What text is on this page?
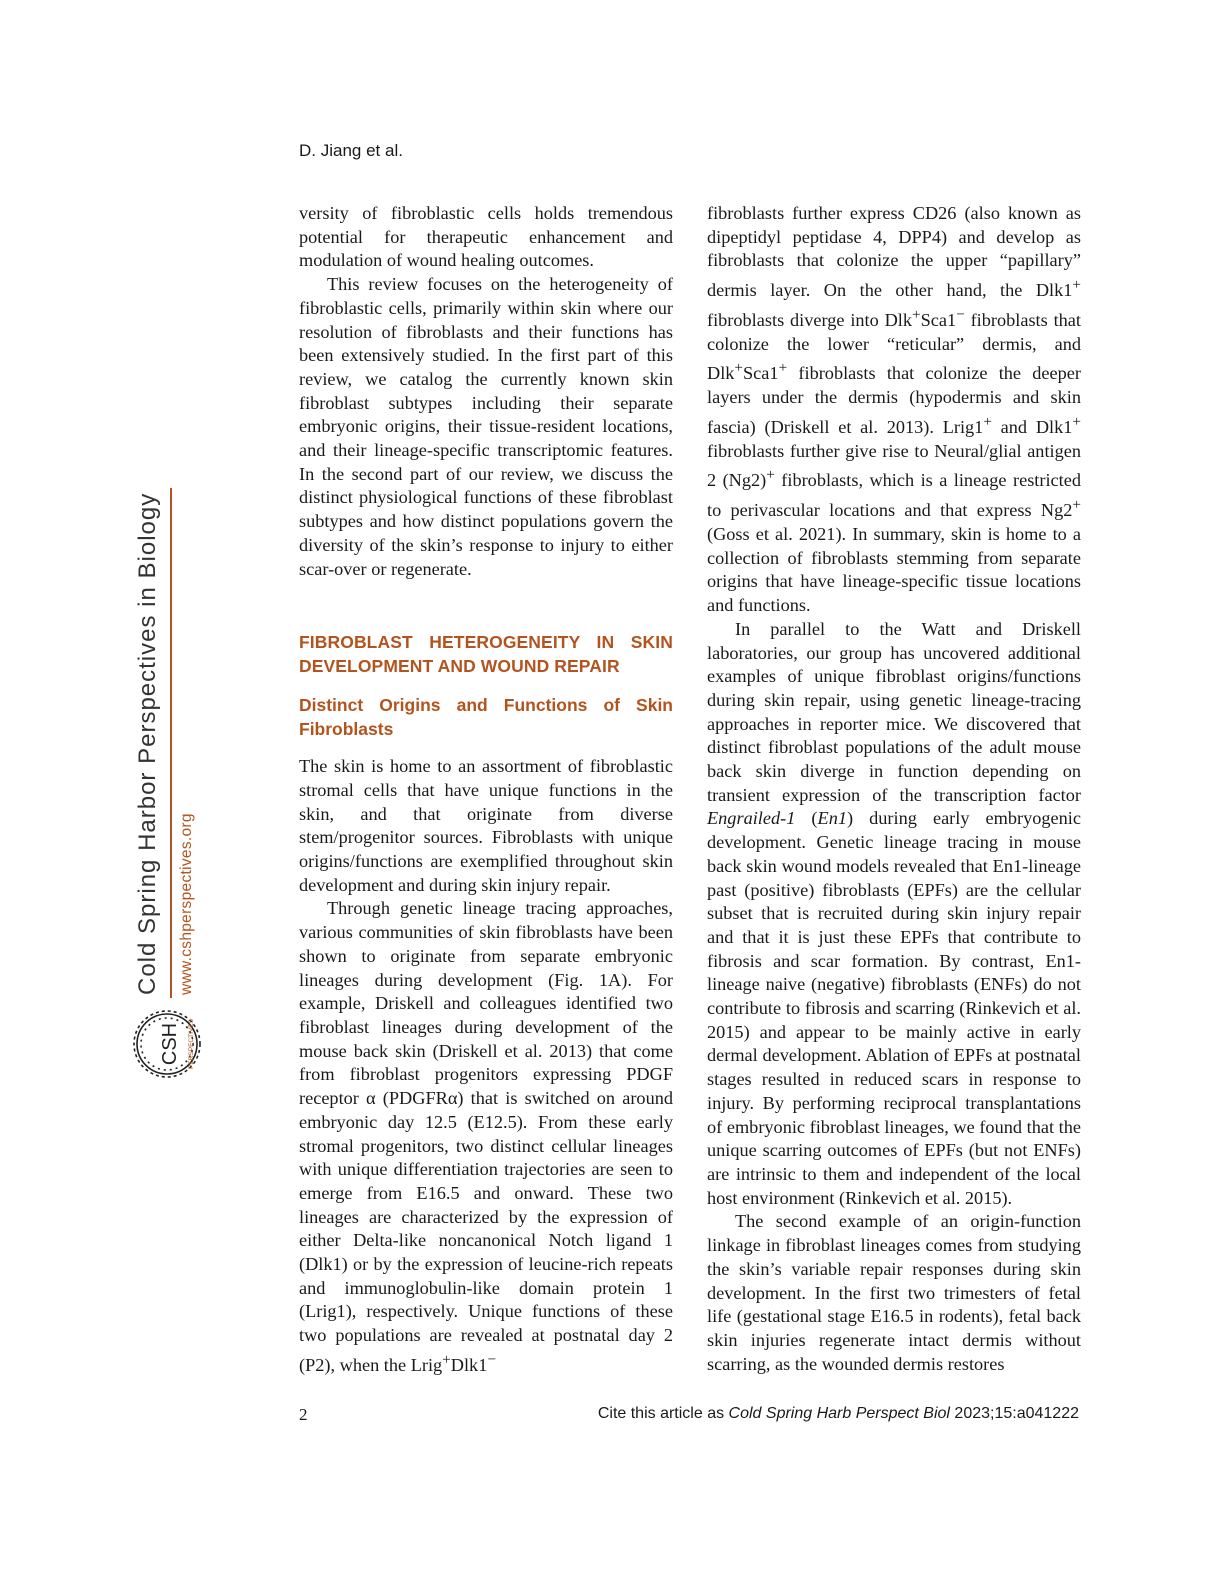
D. Jiang et al.
Cold Spring Harbor Perspectives in Biology www.cshperspectives.org
CSH PERSPECTIVES

versity of fibroblastic cells holds tremendous potential for therapeutic enhancement and modulation of wound healing outcomes.

This review focuses on the heterogeneity of fibroblastic cells, primarily within skin where our resolution of fibroblasts and their functions has been extensively studied. In the first part of this review, we catalog the currently known skin fibroblast subtypes including their separate embryonic origins, their tissue-resident locations, and their lineage-specific transcriptomic features. In the second part of our review, we discuss the distinct physiological functions of these fibroblast subtypes and how distinct populations govern the diversity of the skin’s response to injury to either scar-over or regenerate.

FIBROBLAST HETEROGENEITY IN SKIN DEVELOPMENT AND WOUND REPAIR
Distinct Origins and Functions of Skin Fibroblasts

The skin is home to an assortment of fibroblastic stromal cells that have unique functions in the skin, and that originate from diverse stem/progenitor sources. Fibroblasts with unique origins/functions are exemplified throughout skin development and during skin injury repair.

Through genetic lineage tracing approaches, various communities of skin fibroblasts have been shown to originate from separate embryonic lineages during development (Fig. 1A). For example, Driskell and colleagues identified two fibroblast lineages during development of the mouse back skin (Driskell et al. 2013) that come from fibroblast progenitors expressing PDGF receptor α (PDGFRα) that is switched on around embryonic day 12.5 (E12.5). From these early stromal progenitors, two distinct cellular lineages with unique differentiation trajectories are seen to emerge from E16.5 and onward. These two lineages are characterized by the expression of either Delta-like noncanonical Notch ligand 1 (Dlk1) or by the expression of leucine-rich repeats and immunoglobulin-like domain protein 1 (Lrig1), respectively. Unique functions of these two populations are revealed at postnatal day 2 (P2), when the Lrig+Dlk1−

fibroblasts further express CD26 (also known as dipeptidyl peptidase 4, DPP4) and develop as fibroblasts that colonize the upper “papillary” dermis layer. On the other hand, the Dlk1+ fibroblasts diverge into Dlk+Sca1− fibroblasts that colonize the lower “reticular” dermis, and Dlk+Sca1+ fibroblasts that colonize the deeper layers under the dermis (hypodermis and skin fascia) (Driskell et al. 2013). Lrig1+ and Dlk1+ fibroblasts further give rise to Neural/glial antigen 2 (Ng2)+ fibroblasts, which is a lineage restricted to perivascular locations and that express Ng2+ (Goss et al. 2021). In summary, skin is home to a collection of fibroblasts stemming from separate origins that have lineage-specific tissue locations and functions.

In parallel to the Watt and Driskell laboratories, our group has uncovered additional examples of unique fibroblast origins/functions during skin repair, using genetic lineage-tracing approaches in reporter mice. We discovered that distinct fibroblast populations of the adult mouse back skin diverge in function depending on transient expression of the transcription factor Engrailed-1 (En1) during early embryogenic development. Genetic lineage tracing in mouse back skin wound models revealed that En1-lineage past (positive) fibroblasts (EPFs) are the cellular subset that is recruited during skin injury repair and that it is just these EPFs that contribute to fibrosis and scar formation. By contrast, En1-lineage naive (negative) fibroblasts (ENFs) do not contribute to fibrosis and scarring (Rinkevich et al. 2015) and appear to be mainly active in early dermal development. Ablation of EPFs at postnatal stages resulted in reduced scars in response to injury. By performing reciprocal transplantations of embryonic fibroblast lineages, we found that the unique scarring outcomes of EPFs (but not ENFs) are intrinsic to them and independent of the local host environment (Rinkevich et al. 2015).

The second example of an origin-function linkage in fibroblast lineages comes from studying the skin’s variable repair responses during skin development. In the first two trimesters of fetal life (gestational stage E16.5 in rodents), fetal back skin injuries regenerate intact dermis without scarring, as the wounded dermis restores

2	Cite this article as Cold Spring Harb Perspect Biol 2023;15:a041222
